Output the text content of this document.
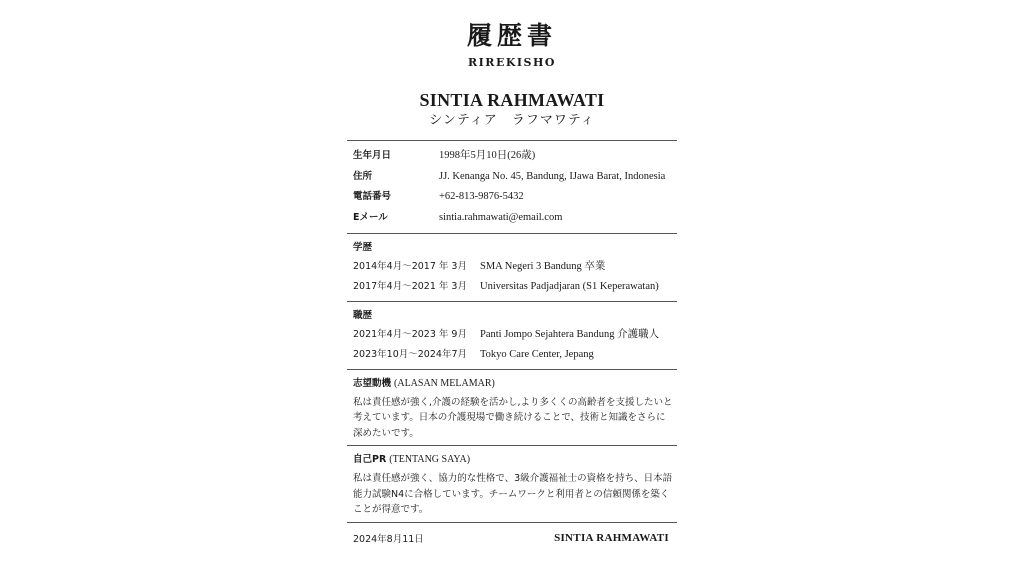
履歴書
RIREKISHO
SINTIA RAHMAWATI
シンティア　ラフマワティ
生年月日	1998年5月10日(26歳)
住所	JJ. Kenanga No. 45, Bandung, IJawa Barat, Indonesia
電話番号	+62-813-9876-5432
Eメール	sintia.rahmawati@email.com
学歴
2014年4月～2017 年 3月	SMA Negeri 3 Bandung 卒業
2017年4月～2021 年 3月	Universitas Padjadjaran (S1 Keperawatan)
職歴
2021年4月～2023 年 9月	Panti Jompo Sejahtera Bandung 介護職人
2023年10月～2024年7月	Tokyo Care Center, Jepang
志望動機 (ALASAN MELAMAR)
私は責任感が強く,介護の経験を活かし,より多くくの高齢者を支援したいと考えています。日本の介護現場で働き続けることで、技術と知識をさらに深めたいです。
自己PR (TENTANG SAYA)
私は責任感が強く、協力的な性格で、3級介護福祉士の資格を持ち、日本語能力試験N4に合格しています。チームワークと利用者との信頼関係を築くことが得意です。
2024年8月11日	SINTIA RAHMAWATI
